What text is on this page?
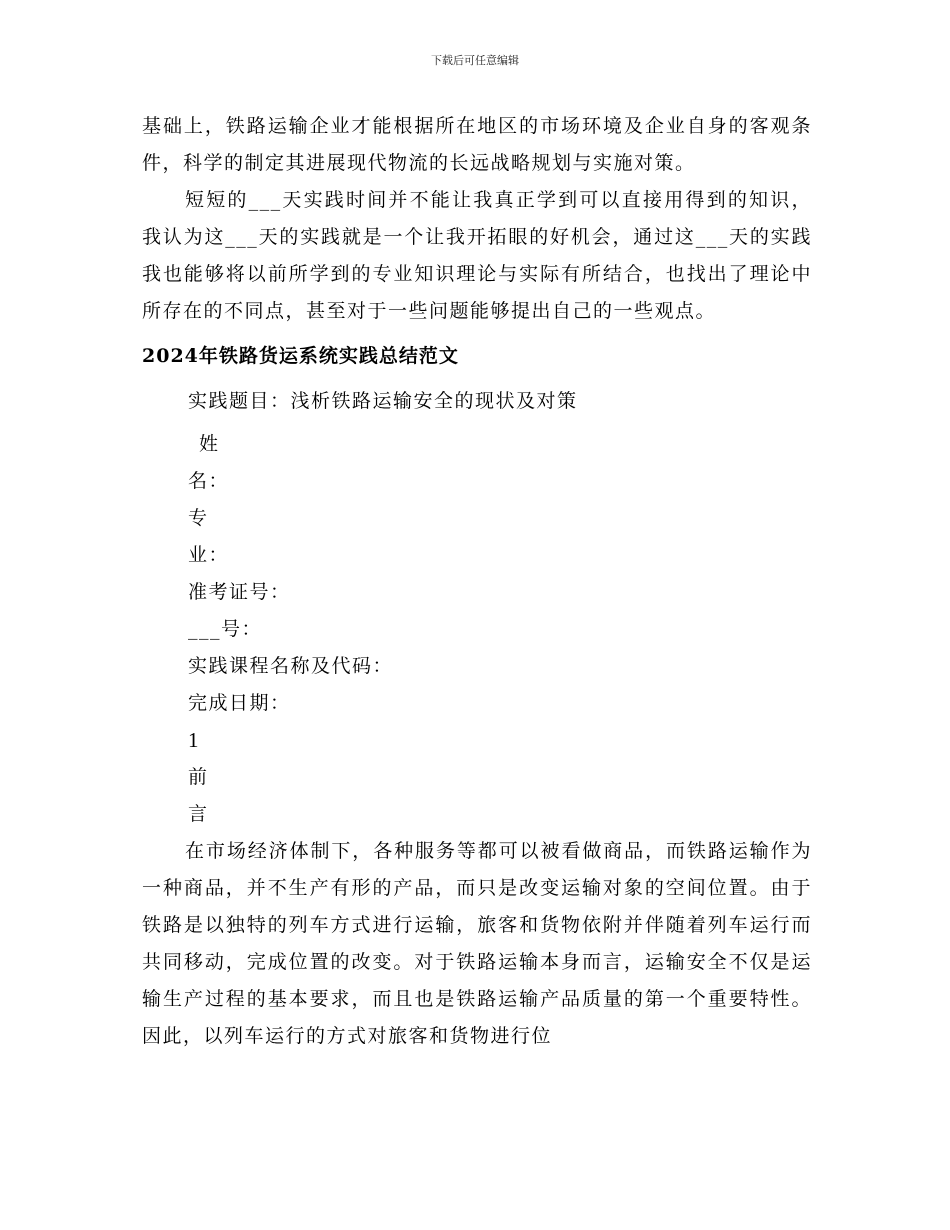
下载后可任意编辑

基础上，铁路运输企业才能根据所在地区的市场环境及企业自身的客观条件，科学的制定其进展现代物流的长远战略规划与实施对策。

短短的___天实践时间并不能让我真正学到可以直接用得到的知识，我认为这___天的实践就是一个让我开拓眼的好机会，通过这___天的实践我也能够将以前所学到的专业知识理论与实际有所结合，也找出了理论中所存在的不同点，甚至对于一些问题能够提出自己的一些观点。

2024年铁路货运系统实践总结范文

实践题目：浅析铁路运输安全的现状及对策

姓

名：

专

业：

准考证号：

___号：

实践课程名称及代码：

完成日期：

1

前

言

在市场经济体制下，各种服务等都可以被看做商品，而铁路运输作为一种商品，并不生产有形的产品，而只是改变运输对象的空间位置。由于铁路是以独特的列车方式进行运输，旅客和货物依附并伴随着列车运行而共同移动，完成位置的改变。对于铁路运输本身而言，运输安全不仅是运输生产过程的基本要求，而且也是铁路运输产品质量的第一个重要特性。因此，以列车运行的方式对旅客和货物进行位
